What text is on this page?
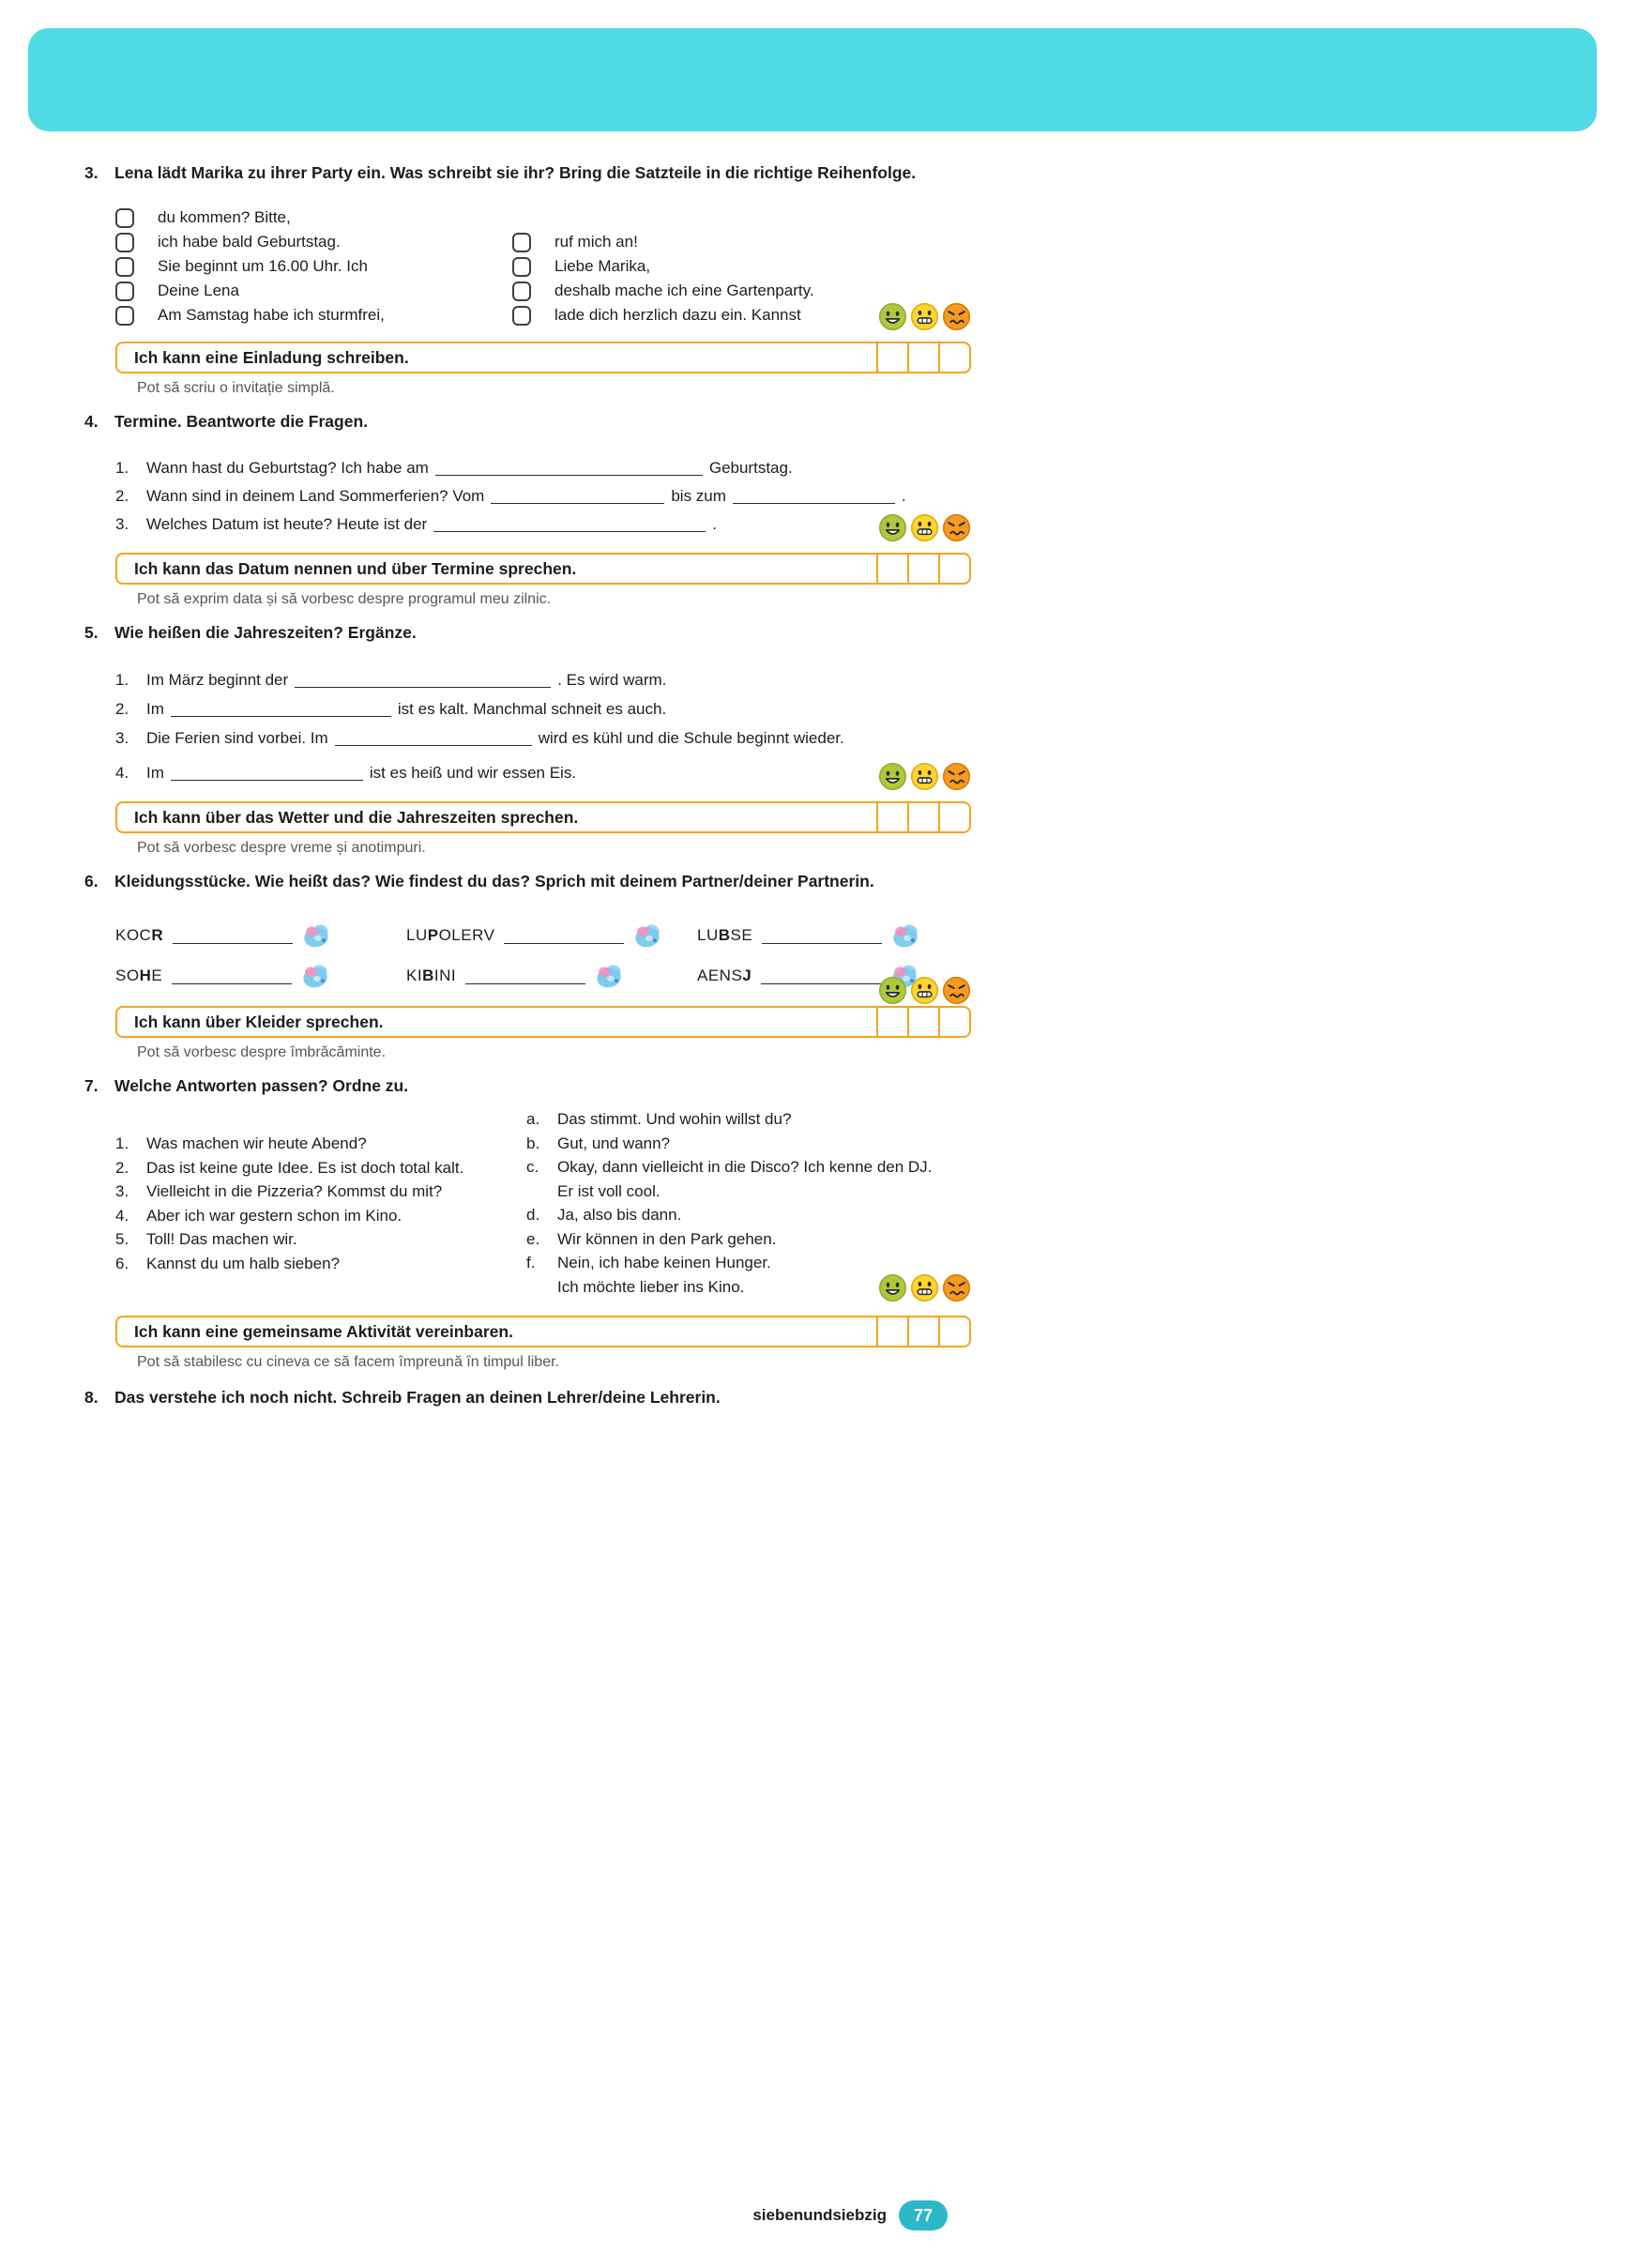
3. Lena lädt Marika zu ihrer Party ein. Was schreibt sie ihr? Bring die Satzteile in die richtige Reihenfolge.
du kommen? Bitte,
ich habe bald Geburtstag.
Sie beginnt um 16.00 Uhr. Ich
Deine Lena
Am Samstag habe ich sturmfrei,
ruf mich an!
Liebe Marika,
deshalb mache ich eine Gartenparty.
lade dich herzlich dazu ein. Kannst
Ich kann eine Einladung schreiben.
Pot să scriu o invitație simplă.
4. Termine. Beantworte die Fragen.
1.	Wann hast du Geburtstag? Ich habe am	Geburtstag.
2.	Wann sind in deinem Land Sommerferien? Vom	bis zum	.
3.	Welches Datum ist heute? Heute ist der	.
Ich kann das Datum nennen und über Termine sprechen.
Pot să exprim data și să vorbesc despre programul meu zilnic.
5. Wie heißen die Jahreszeiten? Ergänze.
1.	Im März beginnt der	. Es wird warm.
2.	Im	ist es kalt. Manchmal schneit es auch.
3.	Die Ferien sind vorbei. Im	wird es kühl und die Schule beginnt wieder.
4.	Im	ist es heiß und wir essen Eis.
Ich kann über das Wetter und die Jahreszeiten sprechen.
Pot să vorbesc despre vreme și anotimpuri.
6. Kleidungsstücke. Wie heißt das? Wie findest du das? Sprich mit deinem Partner/deiner Partnerin.
KOCR	LUPOLERV	LUBSE
SOHE	KIBINI	AENSJ
Ich kann über Kleider sprechen.
Pot să vorbesc despre îmbrăcăminte.
7. Welche Antworten passen? Ordne zu.
1.	Was machen wir heute Abend?
2.	Das ist keine gute Idee. Es ist doch total kalt.
3.	Vielleicht in die Pizzeria? Kommst du mit?
4.	Aber ich war gestern schon im Kino.
5.	Toll! Das machen wir.
6.	Kannst du um halb sieben?
a.	Das stimmt. Und wohin willst du?
b.	Gut, und wann?
c.	Okay, dann vielleicht in die Disco? Ich kenne den DJ.
Er ist voll cool.
d.	Ja, also bis dann.
e.	Wir können in den Park gehen.
f.	Nein, ich habe keinen Hunger.
Ich möchte lieber ins Kino.
Ich kann eine gemeinsame Aktivität vereinbaren.
Pot să stabilesc cu cineva ce să facem împreună în timpul liber.
8. Das verstehe ich noch nicht. Schreib Fragen an deinen Lehrer/deine Lehrerin.
siebenundsiebzig	77
